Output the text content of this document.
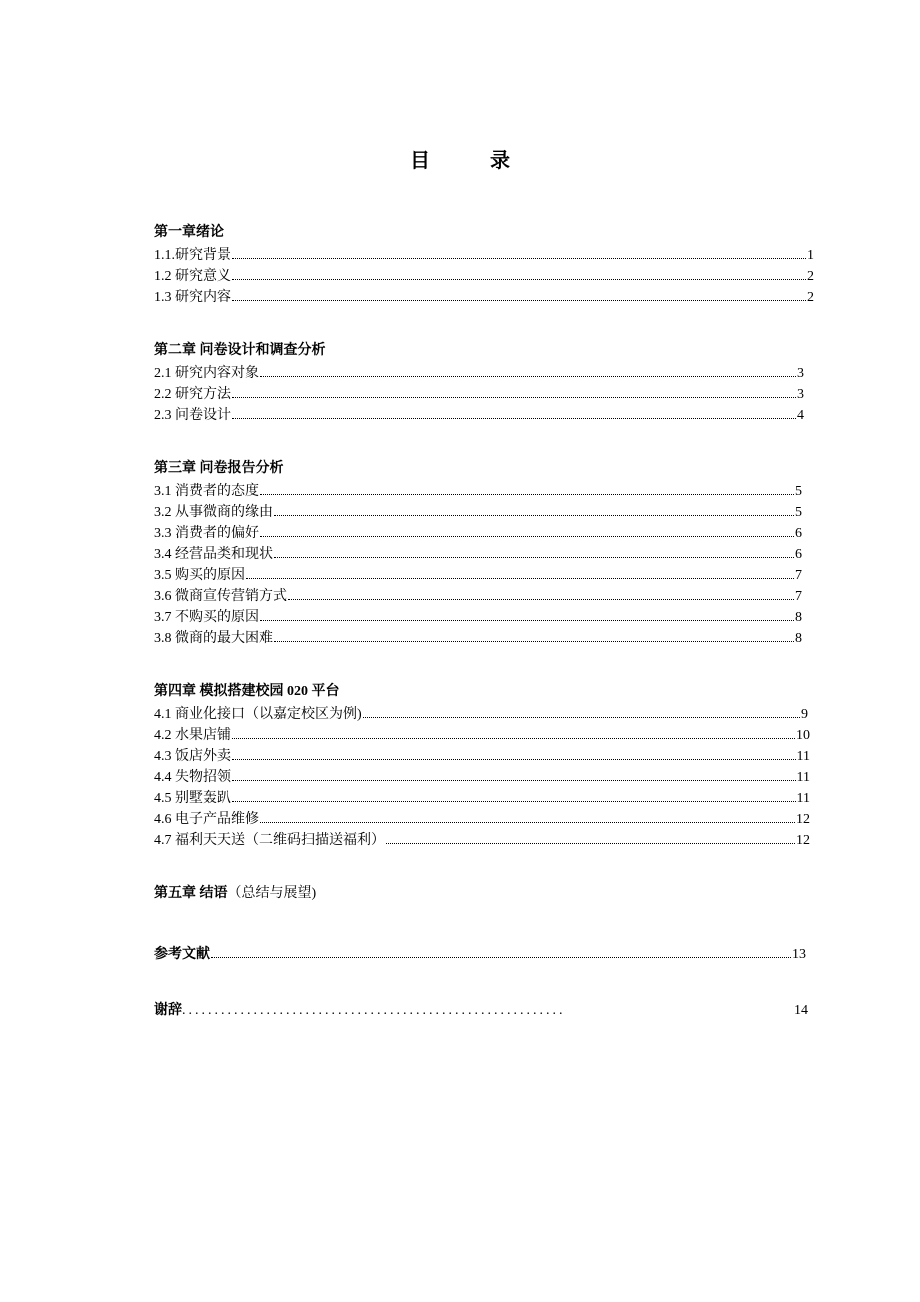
目　录
第一章绪论
1.1.研究背景	1
1.2 研究意义	2
1.3 研究内容	2
第二章 问卷设计和调查分析
2.1 研究内容对象	3
2.2 研究方法	3
2.3 问卷设计	4
第三章 问卷报告分析
3.1 消费者的态度	5
3.2 从事微商的缘由	5
3.3 消费者的偏好	6
3.4 经营品类和现状	6
3.5 购买的原因	7
3.6 微商宣传营销方式	7
3.7 不购买的原因	8
3.8 微商的最大困难	8
第四章 模拟搭建校园 020 平台
4.1 商业化接口（以嘉定校区为例)	9
4.2 水果店铺	10
4.3 饭店外卖	11
4.4 失物招领	11
4.5 别墅轰趴	11
4.6 电子产品维修	12
4.7 福利天天送（二维码扫描送福利）	12
第五章 结语（总结与展望)
参考文献	13
谢辞 ...........................................................	14
